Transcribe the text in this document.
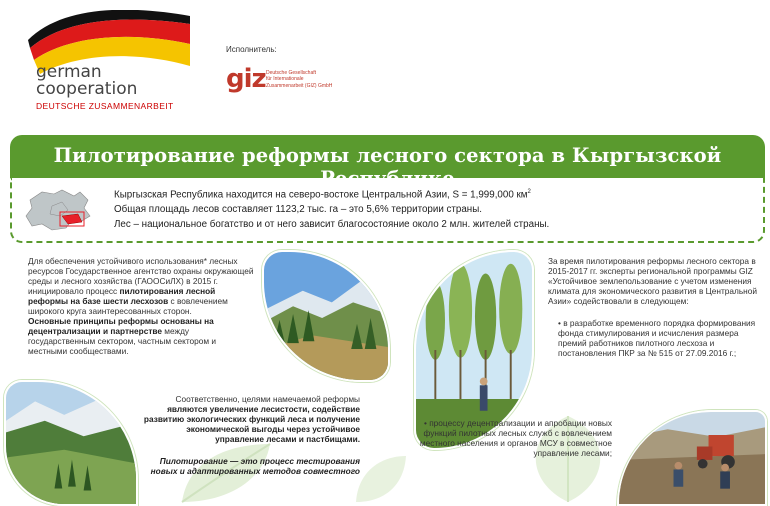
german
cooperation
DEUTSCHE ZUSAMMENARBEIT
Исполнитель:
giz Deutsche Gesellschaft
für Internationale
Zusammenarbeit (GIZ) GmbH
Пилотирование реформы лесного сектора в Кыргызской Республике
Кыргызская Республика находится на северо-востоке Центральной Азии, S = 1,999,000 $км^2$
Общая площадь лесов составляет 1123,2 тыс. га – это 5,6% территории страны.
Лес – национальное богатство и от него зависит благосостояние около 2 млн. жителей страны.

Для обеспечения устойчивого использования* лесных ресурсов Государственное агентство охраны окружающей среды и лесного хозяйства (ГАООСиЛХ) в 2015 г. инициировало процесс пилотирования лесной реформы на базе шести лесхозов с вовлечением широкого круга заинтересованных сторон.

Основные принципы реформы основаны на децентрализации и партнерстве между государственным сектором, частным сектором и местными сообществами.

Соответственно, целями намечаемой реформы являются увеличение лесистости, содействие развитию экологических функций леса и получение экономической выгоды через устойчивое управление лесами и пастбищами.

Пилотирование — это процесс тестирования новых и адаптированных методов совместного

За время пилотирования реформы лесного сектора в 2015-2017 гг. эксперты региональной программы GIZ «Устойчивое землепользование с учетом изменения климата для экономического развития в Центральной Азии» содействовали в следующем:

• в разработке временного порядка формирования фонда стимулирования и исчисления размера премий работников пилотного лесхоза и постановления ПКР за № 515 от 27.09.2016 г.;

• процессу децентрализации и апробации новых функций пилотных лесных служб с вовлечением местного населения и органов МСУ в совместное управление лесами;
